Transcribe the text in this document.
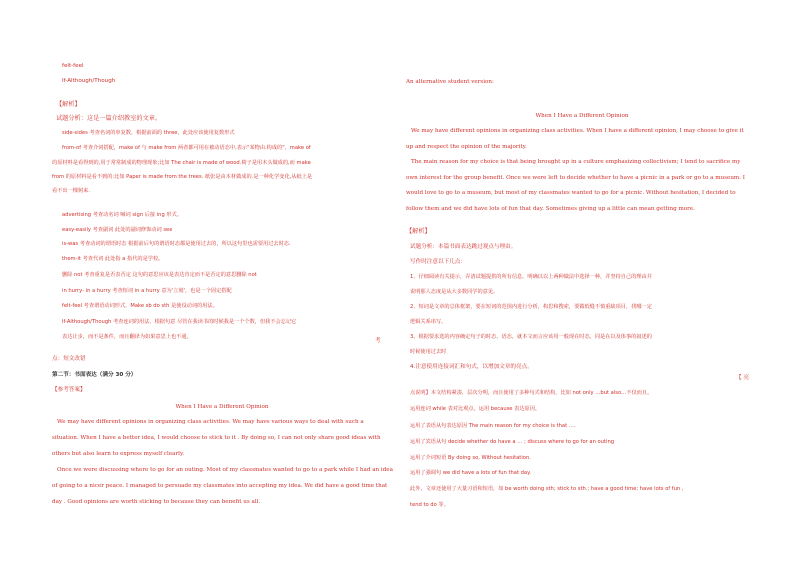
felt-feel
If-Although/Though
【解析】
试题分析：这是一篇介绍教室的文章。
side-sides 考查名词的单复数，根据前面的 three，此处应该使用复数形式
from-of 考查介词搭配，make of 与 make from 两者都可用在被动语态中,表示"某物由.构成的"，make of
的原材料是看得到的,用于常常制成的物理现象;比如 The chair is made of wood.椅子是用木头做成的,而 make
from 的原材料是看不到的:比如 Paper is made from the trees. 纸张是由木材做成的.是一种化学变化,从纸上是
看不出一棵树来.
advertising 考查动名词 喊词 sign 后接 ing 形式。
easy-easily 考查副词 此处的副词修饰动词 see
is-was 考查动词的谓语时态 根据前后句的谓语时态都是使用过去的，所以这句里也需要用过去时态.
them-it 考查代词 此处指 a 指代的是学校。
删除 not 考查重复是否表否定 这句的意思应该是表达肯定而不是否定的意思删除 not
in hurry- in a hurry 考查短词 in a hurry 意为'立刻'，也是一个固定搭配
felt-feel 考查谓语动词形式，Make sb do sth 是使役动词的用法。
If-Although/Though 考查连词的用法，根据句意 尽管在我读书的时候我是一个个数，但我不会忘记它
表达让步，而不是条件，而且翻译为如果意思上也不通。
考
点：短文改错
第二节：书面表达（满分 30 分）
【参考答案】
When I Have a Different Opinion
We may have different opinions in organizing class activities. We may have various ways to deal with such a
situation. When I have a better idea, I would choose to stick to it . By doing so, I can not only share good ideas with
others but also learn to express myself clearly.
Once we were discussing where to go for an outing. Most of my classmates wanted to go to a park while I had an idea
of going to a nicer peace. I managed to persuade my classmates into accepting my idea. We did have a good time that
day . Good opinions are worth sticking to because they can benefit us all.
An alternative student version:
When I Have a Different Opinion
We may have different opinions in organizing class activities. When I have a different opinion, I may choose to give it
up and respect the opinion of the majority.
The main reason for my choice is that being brought up in a culture emphasizing collectivism; I tend to sacrifice my
own interest for the group benefit. Once we were left to decide whether to have a picnic in a park or go to a museum. I
would love to go to a museum, but most of my classmates wanted to go for a picnic. Without hesitation, I decided to
follow them and we did have lots of fun that day. Sometimes giving up a little can mean getting more.
【解析】
试题分析：本篇书面表达跳过观点与理由。
写作时注意以下几点：
1、仔细阅读有关提示，弄清试题提供的所有信息。明确以以上两种做法中选择一种，并坚持自己的理由并
说明那人态度是从大多数同学的意见。
2、短词是文章的总体框架，要在短词的范围内进行分析，构思和搜索，要做低缝不慎重缺项目，找哪一定
逻辑关系串写。
3、根据要求选的内容确定句子的时态、语态，就本文而言应该用一般现在时态，同是在以及体事的叙述的
时候使用过去时
4.注意使用连接词汇和句式，以增加文章的亮点。
【 亮
点说明】本文结构紧凑，层次分明，而且使用了多种句式和结构，比如 not only …but also…不仅而且。
运用连词 while 表对比观点，运用 because 表达原因。
运用了表语从句表达原因 The main reason for my choice is that ….
运用了宾语从句 decide whether do have a … ; discuss where to go for an outing
运用了介词短语 By doing so, Without hesitation.
运用了强调句 we did have a lots of fun that day.
此外，文章还使用了大量习语和短语，如 be worth doing sth; stick to sth.; have a good time; have lots of fun ,
tend to do 等。
